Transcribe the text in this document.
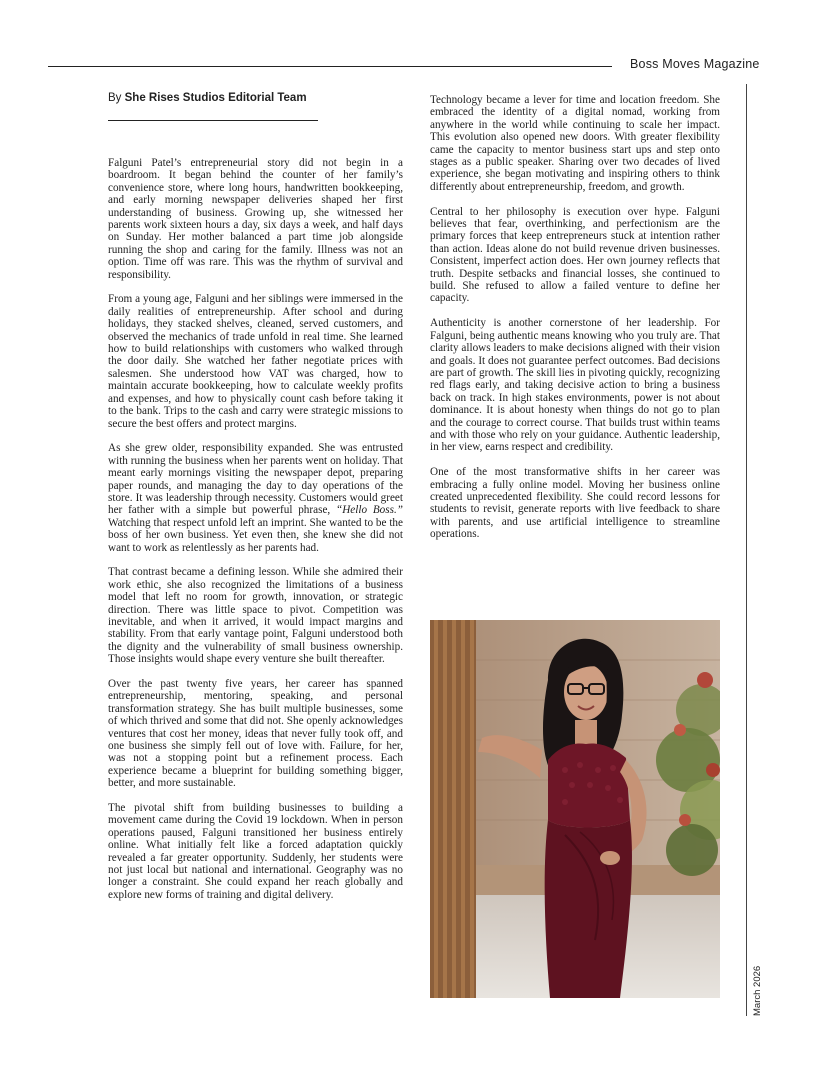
Boss Moves Magazine
By She Rises Studios Editorial Team

Falguni Patel’s entrepreneurial story did not begin in a boardroom. It began behind the counter of her family’s convenience store, where long hours, handwritten bookkeeping, and early morning newspaper deliveries shaped her first understanding of business. Growing up, she witnessed her parents work sixteen hours a day, six days a week, and half days on Sunday. Her mother balanced a part time job alongside running the shop and caring for the family. Illness was not an option. Time off was rare. This was the rhythm of survival and responsibility.

From a young age, Falguni and her siblings were immersed in the daily realities of entrepreneurship. After school and during holidays, they stacked shelves, cleaned, served customers, and observed the mechanics of trade unfold in real time. She learned how to build relationships with customers who walked through the door daily. She watched her father negotiate prices with salesmen. She understood how VAT was charged, how to maintain accurate bookkeeping, how to calculate weekly profits and expenses, and how to physically count cash before taking it to the bank. Trips to the cash and carry were strategic missions to secure the best offers and protect margins.

As she grew older, responsibility expanded. She was entrusted with running the business when her parents went on holiday. That meant early mornings visiting the newspaper depot, preparing paper rounds, and managing the day to day operations of the store. It was leadership through necessity. Customers would greet her father with a simple but powerful phrase, “Hello Boss.” Watching that respect unfold left an imprint. She wanted to be the boss of her own business. Yet even then, she knew she did not want to work as relentlessly as her parents had.

That contrast became a defining lesson. While she admired their work ethic, she also recognized the limitations of a business model that left no room for growth, innovation, or strategic direction. There was little space to pivot. Competition was inevitable, and when it arrived, it would impact margins and stability. From that early vantage point, Falguni understood both the dignity and the vulnerability of small business ownership. Those insights would shape every venture she built thereafter.

Over the past twenty five years, her career has spanned entrepreneurship, mentoring, speaking, and personal transformation strategy. She has built multiple businesses, some of which thrived and some that did not. She openly acknowledges ventures that cost her money, ideas that never fully took off, and one business she simply fell out of love with. Failure, for her, was not a stopping point but a refinement process. Each experience became a blueprint for building something bigger, better, and more sustainable.

The pivotal shift from building businesses to building a movement came during the Covid 19 lockdown. When in person operations paused, Falguni transitioned her business entirely online. What initially felt like a forced adaptation quickly revealed a far greater opportunity. Suddenly, her students were not just local but national and international. Geography was no longer a constraint. She could expand her reach globally and explore new forms of training and digital delivery.

Technology became a lever for time and location freedom. She embraced the identity of a digital nomad, working from anywhere in the world while continuing to scale her impact. This evolution also opened new doors. With greater flexibility came the capacity to mentor business start ups and step onto stages as a public speaker. Sharing over two decades of lived experience, she began motivating and inspiring others to think differently about entrepreneurship, freedom, and growth.

Central to her philosophy is execution over hype. Falguni believes that fear, overthinking, and perfectionism are the primary forces that keep entrepreneurs stuck at intention rather than action. Ideas alone do not build revenue driven businesses. Consistent, imperfect action does. Her own journey reflects that truth. Despite setbacks and financial losses, she continued to build. She refused to allow a failed venture to define her capacity.

Authenticity is another cornerstone of her leadership. For Falguni, being authentic means knowing who you truly are. That clarity allows leaders to make decisions aligned with their vision and goals. It does not guarantee perfect outcomes. Bad decisions are part of growth. The skill lies in pivoting quickly, recognizing red flags early, and taking decisive action to bring a business back on track. In high stakes environments, power is not about dominance. It is about honesty when things do not go to plan and the courage to correct course. That builds trust within teams and with those who rely on your guidance. Authentic leadership, in her view, earns respect and credibility.

One of the most transformative shifts in her career was embracing a fully online model. Moving her business online created unprecedented flexibility. She could record lessons for students to revisit, generate reports with live feedback to share with parents, and use artificial intelligence to streamline operations.

March 2026
